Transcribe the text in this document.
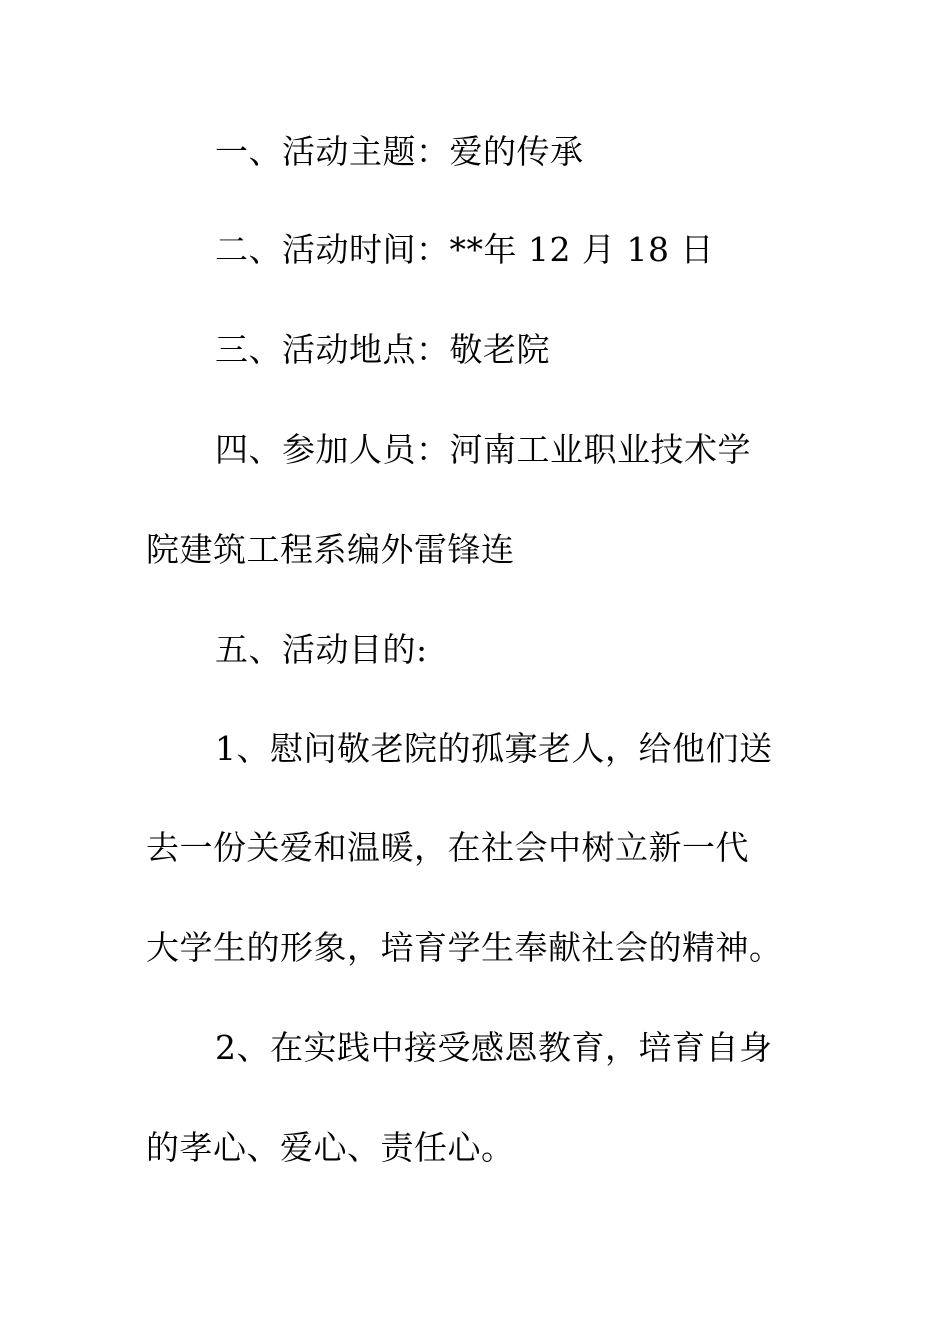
一、活动主题：爱的传承
二、活动时间：**年 12 月 18 日
三、活动地点：敬老院
四、参加人员：河南工业职业技术学
院建筑工程系编外雷锋连
五、活动目的:
1、慰问敬老院的孤寡老人，给他们送
去一份关爱和温暖，在社会中树立新一代
大学生的形象，培育学生奉献社会的精神。
2、在实践中接受感恩教育，培育自身
的孝心、爱心、责任心。
